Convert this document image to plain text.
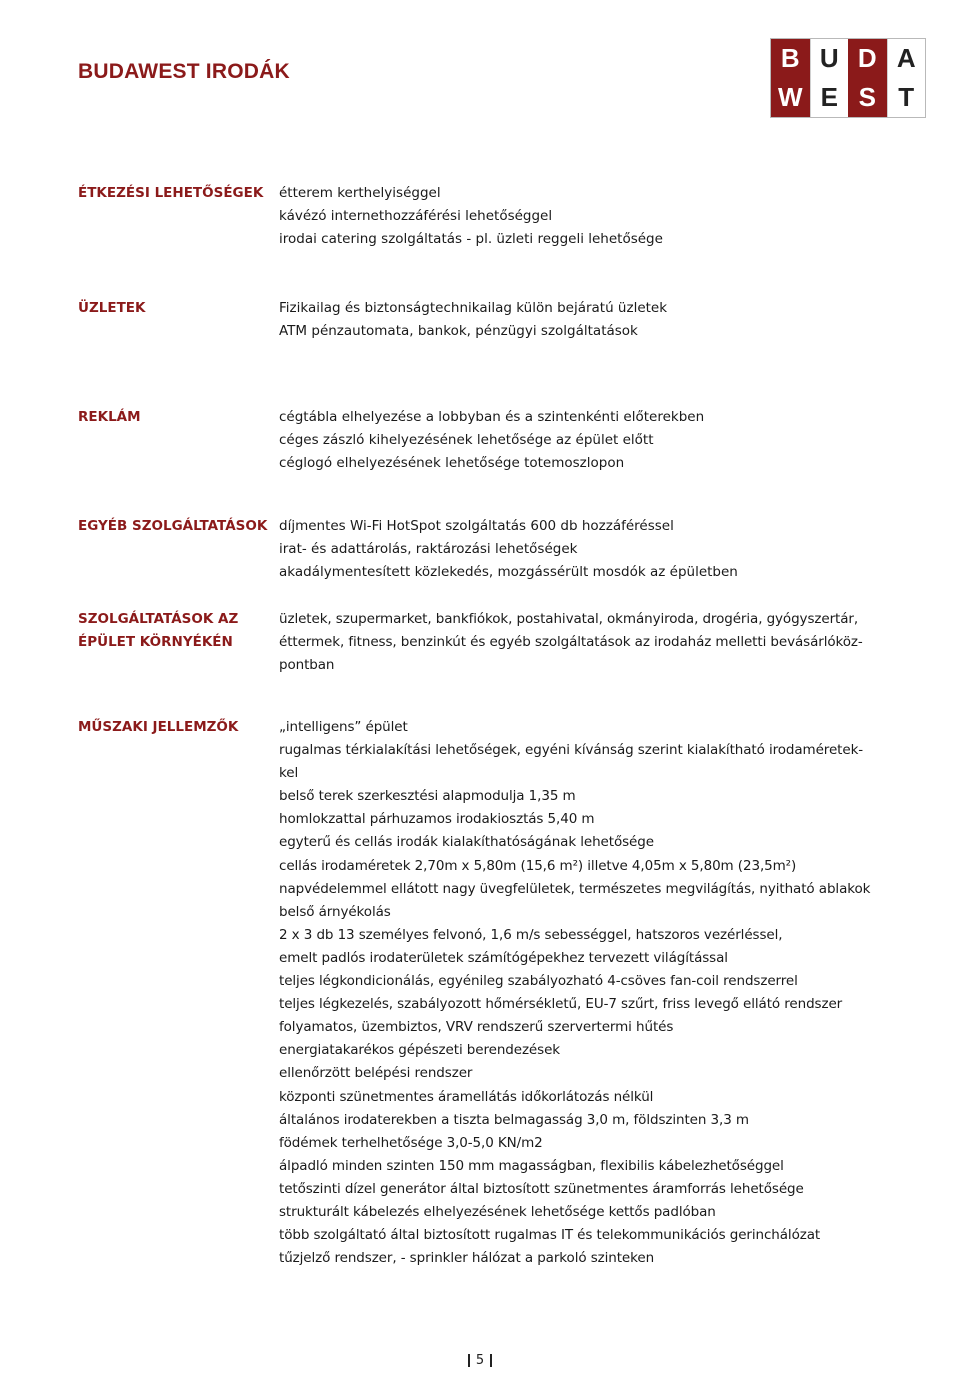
BUDAWEST IRODÁK	B U D A
W E S T
ÉTKEZÉSI LEHETŐSÉGEK	étterem kerthelyiséggel
kávézó internethozzáférési lehetőséggel
irodai catering szolgáltatás - pl. üzleti reggeli lehetősége
ÜZLETEK	Fizikailag és biztonságtechnikailag külön bejáratú üzletek
ATM pénzautomata, bankok, pénzügyi szolgáltatások
REKLÁM	cégtábla elhelyezése a lobbyban és a szintenkénti előterekben
céges zászló kihelyezésének lehetősége az épület előtt
céglogó elhelyezésének lehetősége totemoszlopon
EGYÉB SZOLGÁLTATÁSOK díjmentes Wi-Fi HotSpot szolgáltatás 600 db hozzáféréssel
irat- és adattárolás, raktározási lehetőségek
akadálymentesített közlekedés, mozgássérült mosdók az épületben
SZOLGÁLTATÁSOK AZ ÉPÜLET KÖRNYÉKÉN
üzletek, szupermarket, bankfiókok, postahivatal, okmányiroda, drogéria, gyógyszertár,
éttermek, fitness, benzinkút és egyéb szolgáltatások az irodaház melletti bevásárlóköz-
pontban
MŰSZAKI JELLEMZŐK	„intelligens” épület
rugalmas térkialakítási lehetőségek, egyéni kívánság szerint kialakítható irodaméretek-
kel
belső terek szerkesztési alapmodulja 1,35 m
homlokzattal párhuzamos irodakiosztás 5,40 m
egyterű és cellás irodák kialakíthatóságának lehetősége
cellás irodaméretek 2,70m x 5,80m (15,6 m²) illetve 4,05m x 5,80m (23,5m²)
napvédelemmel ellátott nagy üvegfelületek, természetes megvilágítás, nyitható ablakok
belső árnyékolás
2 x 3 db 13 személyes felvonó, 1,6 m/s sebességgel, hatszoros vezérléssel,
emelt padlós irodaterületek számítógépekhez tervezett világítással
teljes légkondicionálás, egyénileg szabályozható 4-csöves fan-coil rendszerrel
teljes légkezelés, szabályozott hőmérsékletű, EU-7 szűrt, friss levegő ellátó rendszer
folyamatos, üzembiztos, VRV rendszerű szervertermi hűtés
energiatakarékos gépészeti berendezések
ellenőrzött belépési rendszer
központi szünetmentes áramellátás időkorlátozás nélkül
általános irodaterekben a tiszta belmagasság 3,0 m, földszinten 3,3 m
födémek terhelhetősége 3,0-5,0 KN/m2
álpadló minden szinten 150 mm magasságban, flexibilis kábelezhetőséggel
tetőszinti dízel generátor által biztosított szünetmentes áramforrás lehetősége
strukturált kábelezés elhelyezésének lehetősége kettős padlóban
több szolgáltató által biztosított rugalmas IT és telekommunikációs gerinchálózat
tűzjelző rendszer, - sprinkler hálózat a parkoló szinteken
5
